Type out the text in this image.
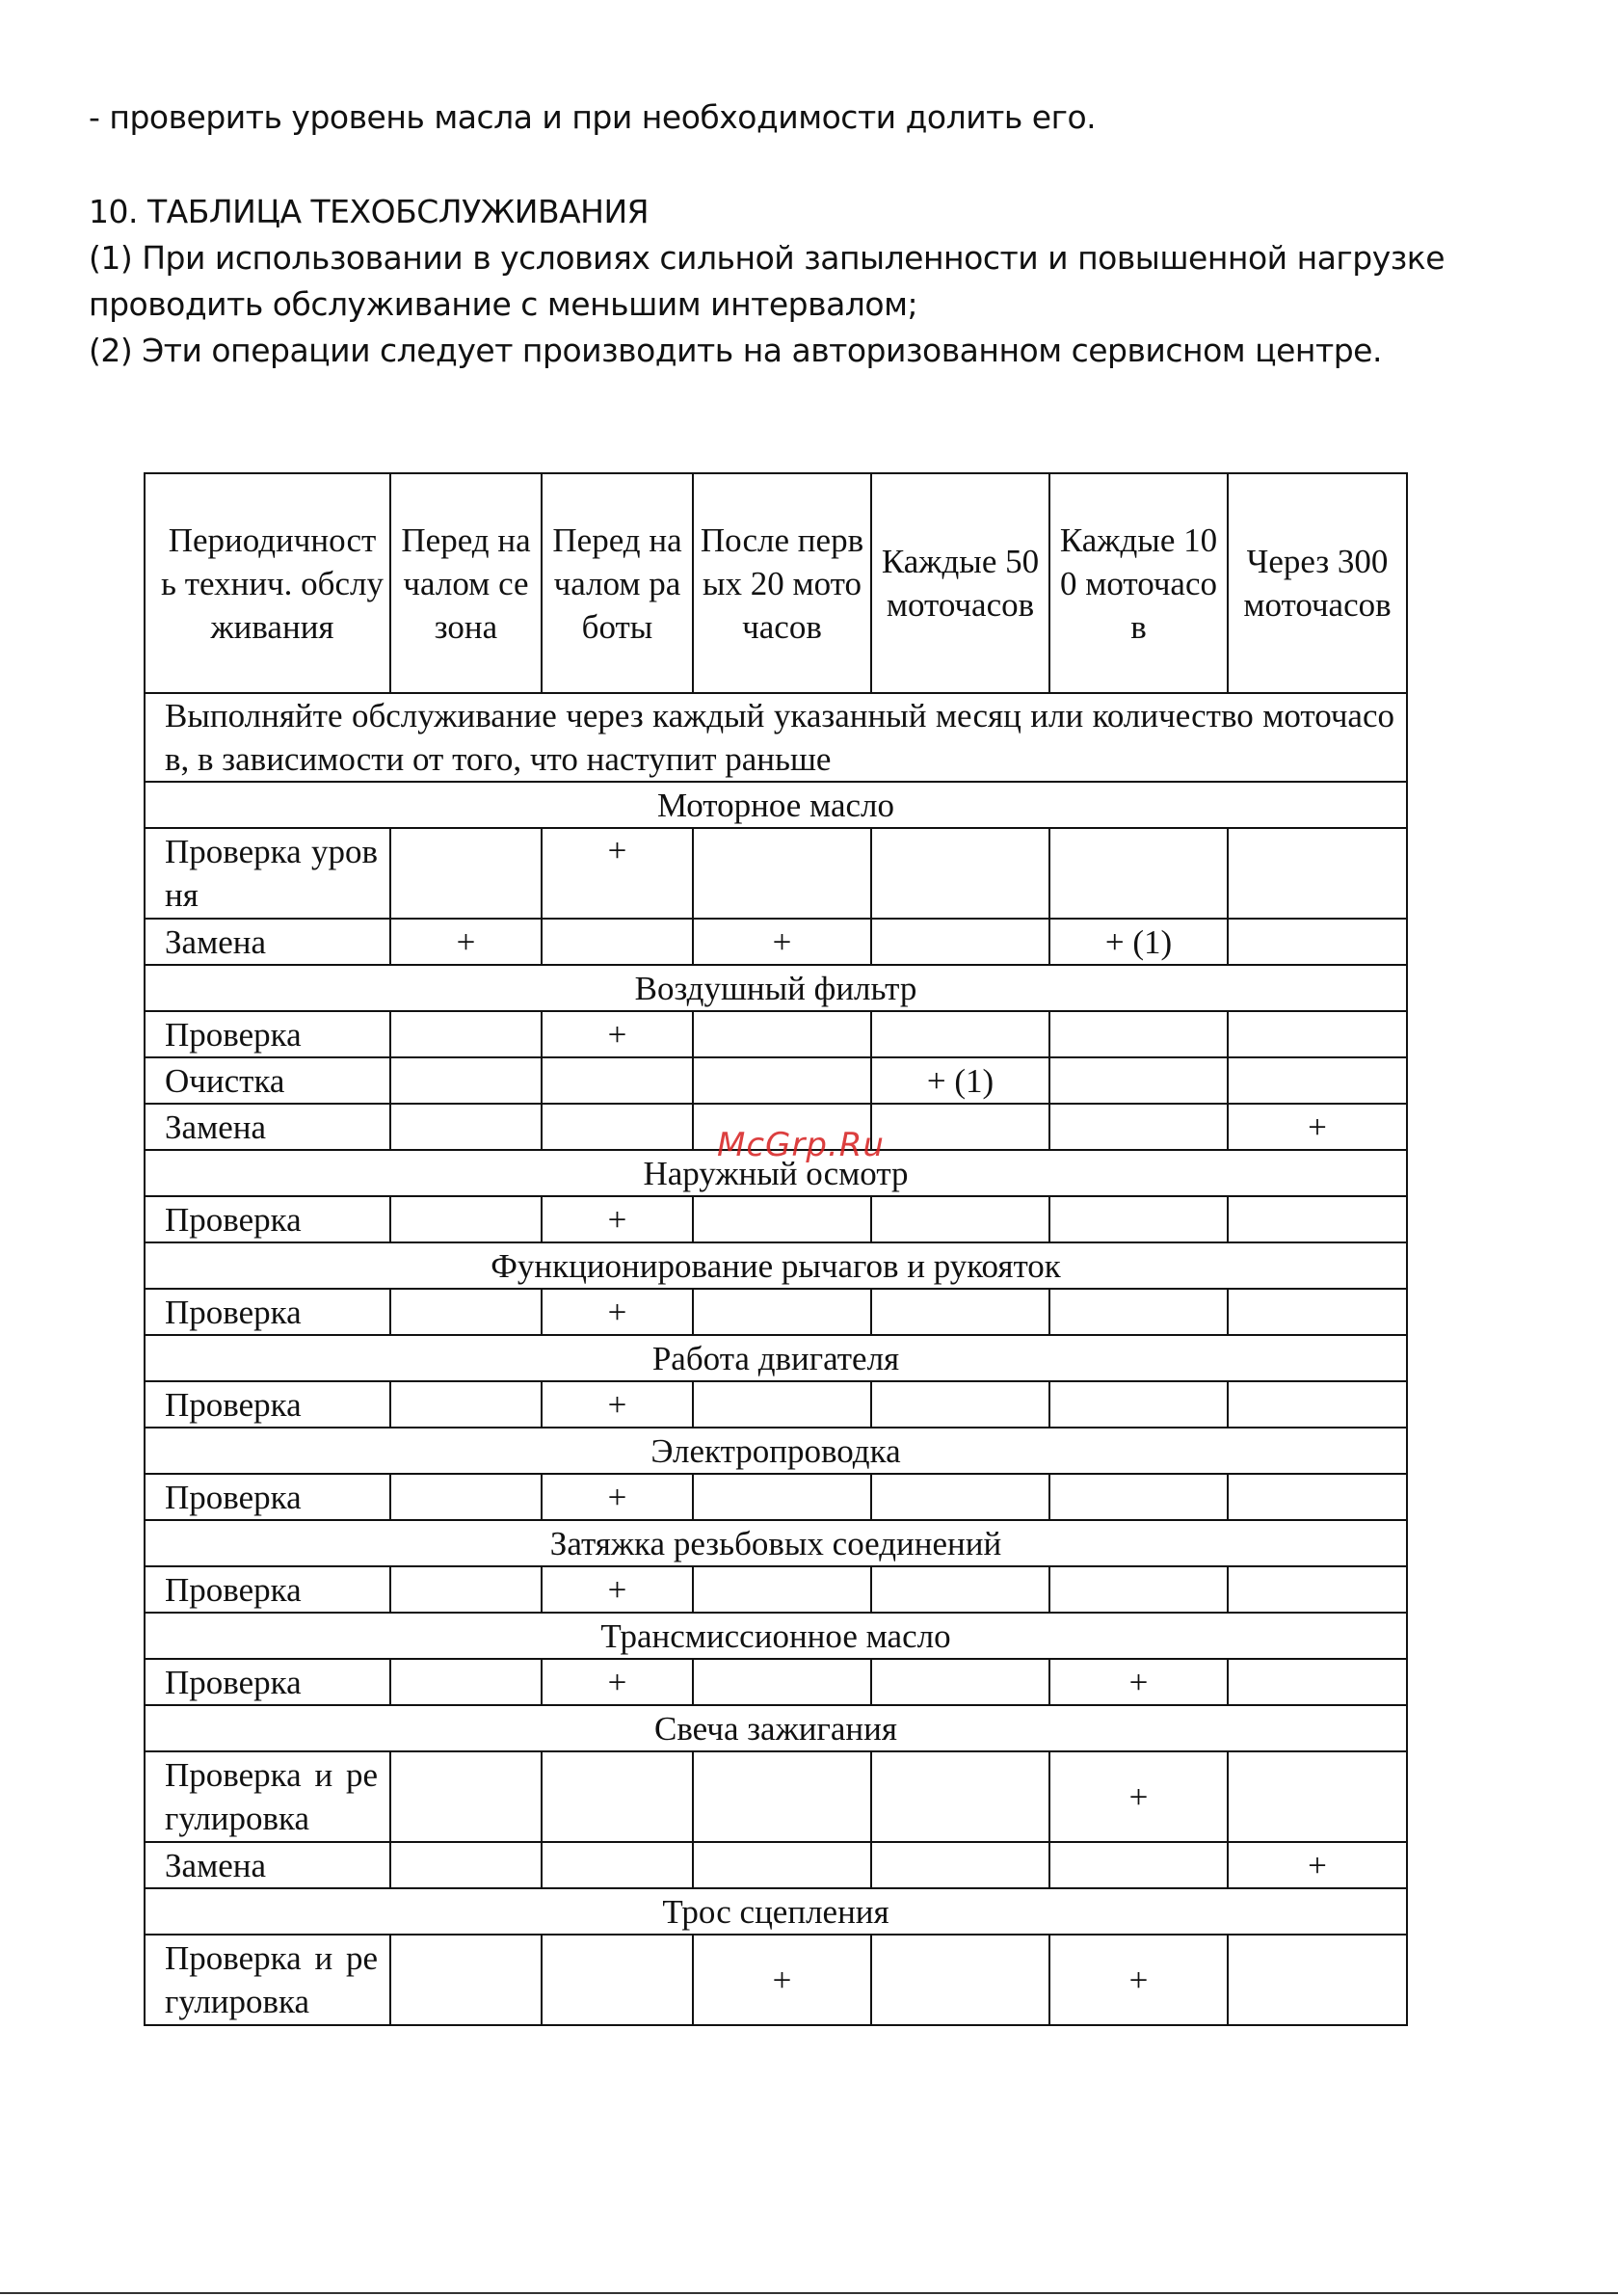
- проверить уровень масла и при необходимости долить его.
10. ТАБЛИЦА ТЕХОБСЛУЖИВАНИЯ
(1) При использовании в условиях сильной запыленности и повышенной нагрузке
проводить обслуживание с меньшим интервалом;
(2) Эти операции следует производить на авторизованном сервисном центре.
Периодичность технич. обслуживания	Перед началом сезона	Перед началом работы	После первых 20 моточасов	Каждые 50 моточасов	Каждые 100 моточасов	Через 300 моточасов
Выполняйте обслуживание через каждый указанный месяц или количество моточасов, в зависимости от того, что наступит раньше						
Моторное масло						
Проверка уровня		+				
Замена	+		+		+ (1)	
Воздушный фильтр						
Проверка		+				
Очистка				+ (1)		
Замена						+
Наружный осмотр						
Проверка		+				
Функционирование рычагов и рукояток						
Проверка		+				
Работа двигателя						
Проверка		+				
Электропроводка						
Проверка		+				
Затяжка резьбовых соединений						
Проверка		+				
Трансмиссионное масло						
Проверка		+			+	
Свеча зажигания						
Проверка и регулировка					+	
Замена						+
Трос сцепления						
Проверка и регулировка			+		+	
McGrp.Ru
